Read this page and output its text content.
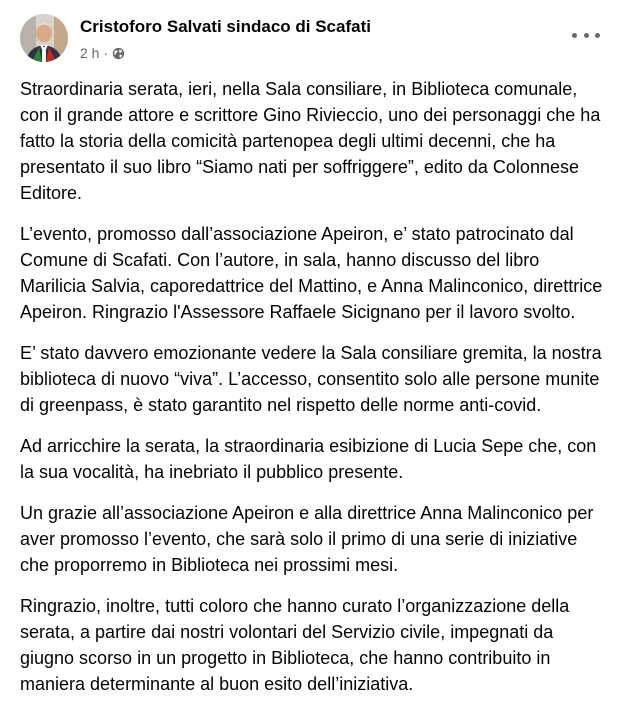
Cristoforo Salvati sindaco di Scafati
2 h ·

Straordinaria serata, ieri, nella Sala consiliare, in Biblioteca comunale, con il grande attore e scrittore Gino Rivieccio, uno dei personaggi che ha fatto la storia della comicità partenopea degli ultimi decenni, che ha presentato il suo libro “Siamo nati per soffriggere”, edito da Colonnese Editore.

L’evento, promosso dall’associazione Apeiron, e’ stato patrocinato dal Comune di Scafati. Con l’autore, in sala, hanno discusso del libro Marilicia Salvia, caporedattrice del Mattino, e Anna Malinconico, direttrice Apeiron. Ringrazio l'Assessore Raffaele Sicignano per il lavoro svolto.

E’ stato davvero emozionante vedere la Sala consiliare gremita, la nostra biblioteca di nuovo “viva”. L’accesso, consentito solo alle persone munite di greenpass, è stato garantito nel rispetto delle norme anti-covid.

Ad arricchire la serata, la straordinaria esibizione di Lucia Sepe che, con la sua vocalità, ha inebriato il pubblico presente.

Un grazie all’associazione Apeiron e alla direttrice Anna Malinconico per aver promosso l’evento, che sarà solo il primo di una serie di iniziative che proporremo in Biblioteca nei prossimi mesi.

Ringrazio, inoltre, tutti coloro che hanno curato l’organizzazione della serata, a partire dai nostri volontari del Servizio civile, impegnati da giugno scorso in un progetto in Biblioteca, che hanno contribuito in maniera determinante al buon esito dell’iniziativa.
